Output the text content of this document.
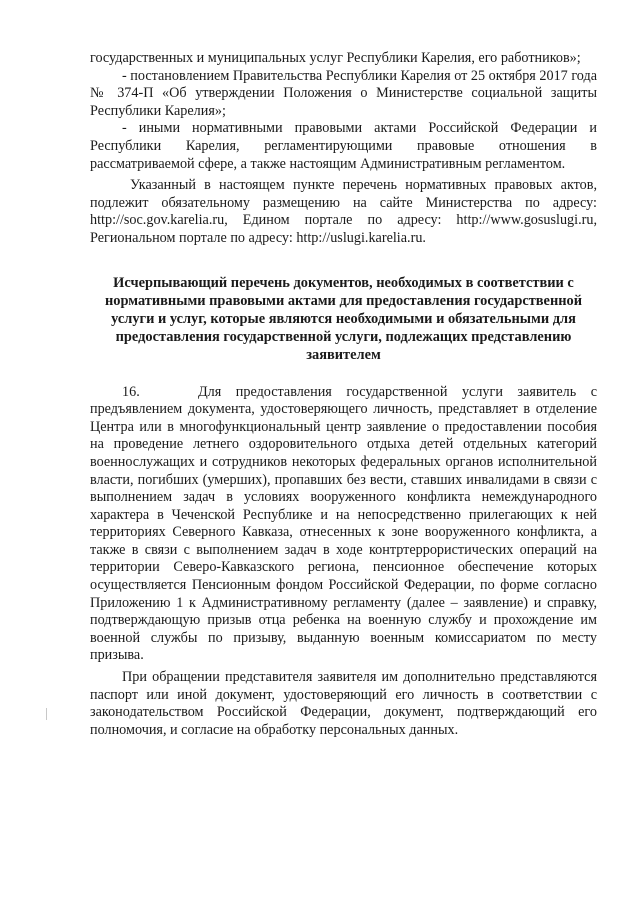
государственных и муниципальных услуг Республики Карелия, его работников»;

- постановлением Правительства Республики Карелия от 25 октября 2017 года № 374-П «Об утверждении Положения о Министерстве социальной защиты Республики Карелия»;

- иными нормативными правовыми актами Российской Федерации и Республики Карелия, регламентирующими правовые отношения в рассматриваемой сфере, а также настоящим Административным регламентом.

Указанный в настоящем пункте перечень нормативных правовых актов, подлежит обязательному размещению на сайте Министерства по адресу: http://soc.gov.karelia.ru, Едином портале по адресу: http://www.gosuslugi.ru, Региональном портале по адресу: http://uslugi.karelia.ru.

Исчерпывающий перечень документов, необходимых в соответствии с нормативными правовыми актами для предоставления государственной услуги и услуг, которые являются необходимыми и обязательными для предоставления государственной услуги, подлежащих представлению заявителем

16.	Для предоставления государственной услуги заявитель с предъявлением документа, удостоверяющего личность, представляет в отделение Центра или в многофункциональный центр заявление о предоставлении пособия на проведение летнего оздоровительного отдыха детей отдельных категорий военнослужащих и сотрудников некоторых федеральных органов исполнительной власти, погибших (умерших), пропавших без вести, ставших инвалидами в связи с выполнением задач в условиях вооруженного конфликта немеждународного характера в Чеченской Республике и на непосредственно прилегающих к ней территориях Северного Кавказа, отнесенных к зоне вооруженного конфликта, а также в связи с выполнением задач в ходе контртеррористических операций на территории Северо-Кавказского региона, пенсионное обеспечение которых осуществляется Пенсионным фондом Российской Федерации, по форме согласно Приложению 1 к Административному регламенту (далее – заявление) и справку, подтверждающую призыв отца ребенка на военную службу и прохождение им военной службы по призыву, выданную военным комиссариатом по месту призыва.

При обращении представителя заявителя им дополнительно представляются паспорт или иной документ, удостоверяющий его личность в соответствии с законодательством Российской Федерации, документ, подтверждающий его полномочия, и согласие на обработку персональных данных.
